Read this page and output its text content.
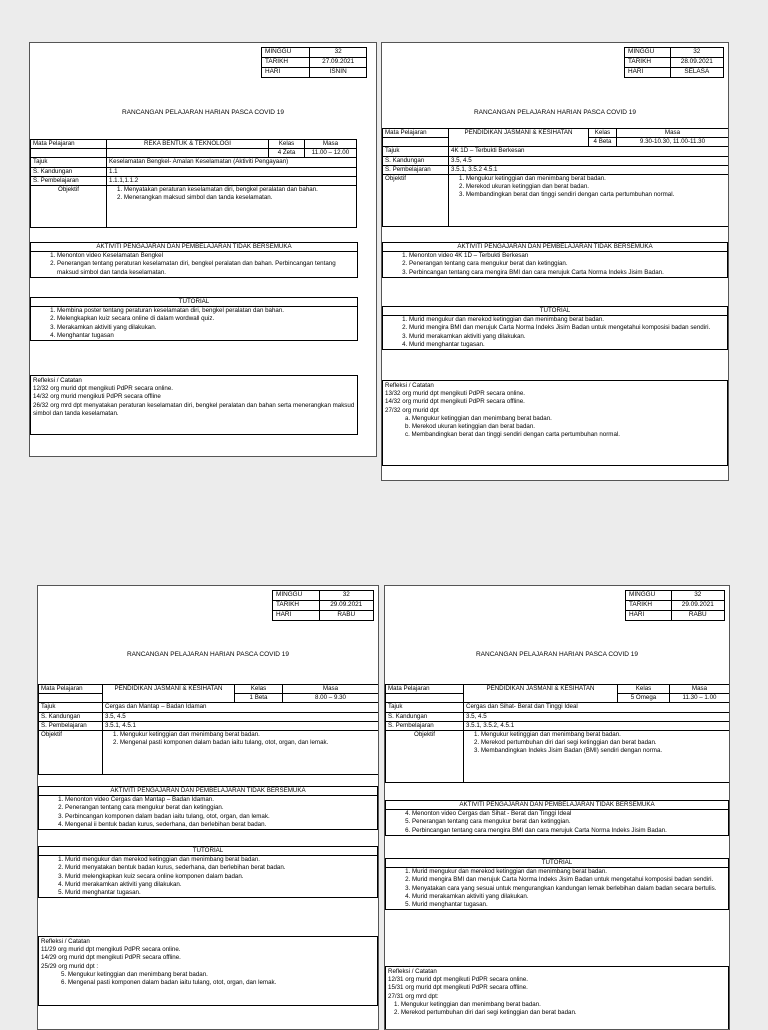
MINGGU	32
TARIKH	27.09.2021
HARI	ISNIN
RANCANGAN PELAJARAN HARIAN PASCA COVID 19
Mata Pelajaran	REKA BENTUK & TEKNOLOGI	Kelas	Masa
		4 Zeta	11.00 – 12.00
Tajuk	Keselamatan Bengkel- Amalan Keselamatan (Aktiviti Pengayaan)		
S. Kandungan	1.1		
S. Pembelajaran	1.1.1,1.1.2		
Objektif	1. Menyatakan peraturan keselamatan diri, bengkel peralatan dan bahan.
2. Menerangkan maksud simbol dan tanda keselamatan.		
AKTIVITI PENGAJARAN DAN PEMBELAJARAN TIDAK BERSEMUKA
1. Menonton video Keselamatan Bengkel
2. Penerangan tentang peraturan keselamatan diri, bengkel peralatan dan bahan. Perbincangan tentang maksud simbol dan tanda keselamatan.
TUTORIAL
1. Membina poster tentang peraturan keselamatan diri, bengkel peralatan dan bahan.
2. Melengkapkan kuiz secara online di dalam wordwall quiz.
3. Merakamkan aktiviti yang dilakukan.
4. Menghantar tugasan
Refleksi / Catatan
12/32 org murid dpt mengikuti PdPR secara online.
14/32 org murid mengikuti PdPR secara offline
26/32 org mrd dpt menyatakan peraturan keselamatan diri, bengkel peralatan dan bahan serta menerangkan maksud simbol dan tanda keselamatan.
MINGGU	32
TARIKH	28.09.2021
HARI	SELASA
RANCANGAN PELAJARAN HARIAN PASCA COVID 19
Mata Pelajaran	PENDIDIKAN JASMANI & KESIHATAN	Kelas	Masa
		4 Beta	9.30-10.30, 11.00-11.30
Tajuk	4K 1D – Terbukti Berkesan		
S. Kandungan	3.5, 4.5		
S. Pembelajaran	3.5.1, 3.5.2 4.5.1		
Objektif	1. Mengukur ketinggian dan menimbang berat badan.
2. Merekod ukuran ketinggian dan berat badan.
3. Membandingkan berat dan tinggi sendiri dengan carta pertumbuhan normal.		
AKTIVITI PENGAJARAN DAN PEMBELAJARAN TIDAK BERSEMUKA
1. Menonton video 4K 1D – Terbukti Berkesan
2. Penerangan tentang cara mengukur berat dan ketinggian.
3. Perbincangan tentang cara mengira BMI dan cara merujuk Carta Norma Indeks Jisim Badan.
TUTORIAL
1. Murid mengukur dan merekod ketinggian dan menimbang berat badan.
2. Murid mengira BMI dan merujuk Carta Norma Indeks Jisim Badan untuk mengetahui komposisi badan sendiri.
3. Murid merakamkan aktiviti yang dilakukan.
4. Murid menghantar tugasan.
Refleksi / Catatan
13/32 org murid dpt mengikuti PdPR secara online.
14/32 org murid dpt mengikuti PdPR secara offline.
27/32 org murid dpt
a. Mengukur ketinggian dan menimbang berat badan.
b. Merekod ukuran ketinggian dan berat badan.
c. Membandingkan berat dan tinggi sendiri dengan carta pertumbuhan normal.
MINGGU	32
TARIKH	29.09.2021
HARI	RABU
RANCANGAN PELAJARAN HARIAN PASCA COVID 19
Mata Pelajaran	PENDIDIKAN JASMANI & KESIHATAN	Kelas	Masa
		1 Beta	8.00 – 9.30
Tajuk	Cergas dan Mantap – Badan Idaman		
S. Kandungan	3.5, 4.5		
S. Pembelajaran	3.5.1, 4.5.1		
Objektif	1. Mengukur ketinggian dan menimbang berat badan.
2. Mengenal pasti komponen dalam badan iaitu tulang, otot, organ, dan lemak.		
AKTIVITI PENGAJARAN DAN PEMBELAJARAN TIDAK BERSEMUKA
1. Menonton video Cergas dan Mantap – Badan Idaman.
2. Penerangan tentang cara mengukur berat dan ketinggian.
3. Perbincangan komponen dalam badan iaitu tulang, otot, organ, dan lemak.
4. Mengenal ii bentuk badan kurus, sederhana, dan berlebihan berat badan.
TUTORIAL
1. Murid mengukur dan merekod ketinggian dan menimbang berat badan.
2. Murid menyatakan bentuk badan kurus, sederhana, dan berlebihan berat badan.
3. Murid melengkapkan kuiz secara online komponen dalam badan.
4. Murid merakamkan aktiviti yang dilakukan.
5. Murid menghantar tugasan.
Refleksi / Catatan
11/29 org murid dpt mengikuti PdPR secara online.
14/29 org murid dpt mengikuti PdPR secara offline.
25/29 org murid dpt :
5. Mengukur ketinggian dan menimbang berat badan.
6. Mengenal pasti komponen dalam badan iaitu tulang, otot, organ, dan lemak.
MINGGU	32
TARIKH	29.09.2021
HARI	RABU
RANCANGAN PELAJARAN HARIAN PASCA COVID 19
Mata Pelajaran	PENDIDIKAN JASMANI & KESIHATAN	Kelas	Masa
		5 Omega	11.30 – 1.00
Tajuk	Cergas dan Sihat- Berat dan Tinggi Ideal		
S. Kandungan	3.5, 4.5		
S. Pembelajaran	3.5.1, 3.5.2, 4.5.1		
Objektif	1. Mengukur ketinggian dan menimbang berat badan.
2. Merekod pertumbuhan diri dari segi ketinggian dan berat badan.
3. Membandingkan Indeks Jisim Badan (BMI) sendiri dengan norma.		
AKTIVITI PENGAJARAN DAN PEMBELAJARAN TIDAK BERSEMUKA
4. Menonton video Cergas dan Sihat - Berat dan Tinggi Ideal
5. Penerangan tentang cara mengukur berat dan ketinggian.
6. Perbincangan tentang cara mengira BMI dan cara merujuk Carta Norma Indeks Jisim Badan.
TUTORIAL
1. Murid mengukur dan merekod ketinggian dan menimbang berat badan.
2. Murid mengira BMI dan merujuk Carta Norma Indeks Jisim Badan untuk mengetahui komposisi badan sendiri.
3. Menyatakan cara yang sesuai untuk mengurangkan kandungan lemak berlebihan dalam badan secara bertulis.
4. Murid merakamkan aktiviti yang dilakukan.
5. Murid menghantar tugasan.
Refleksi / Catatan
12/31 org murid dpt mengikuti PdPR secara online.
15/31 org murid dpt mengikuti PdPR secara offline.
27/31 org mrd dpt:
1. Mengukur ketinggian dan menimbang berat badan.
2. Merekod pertumbuhan diri dari segi ketinggian dan berat badan.
